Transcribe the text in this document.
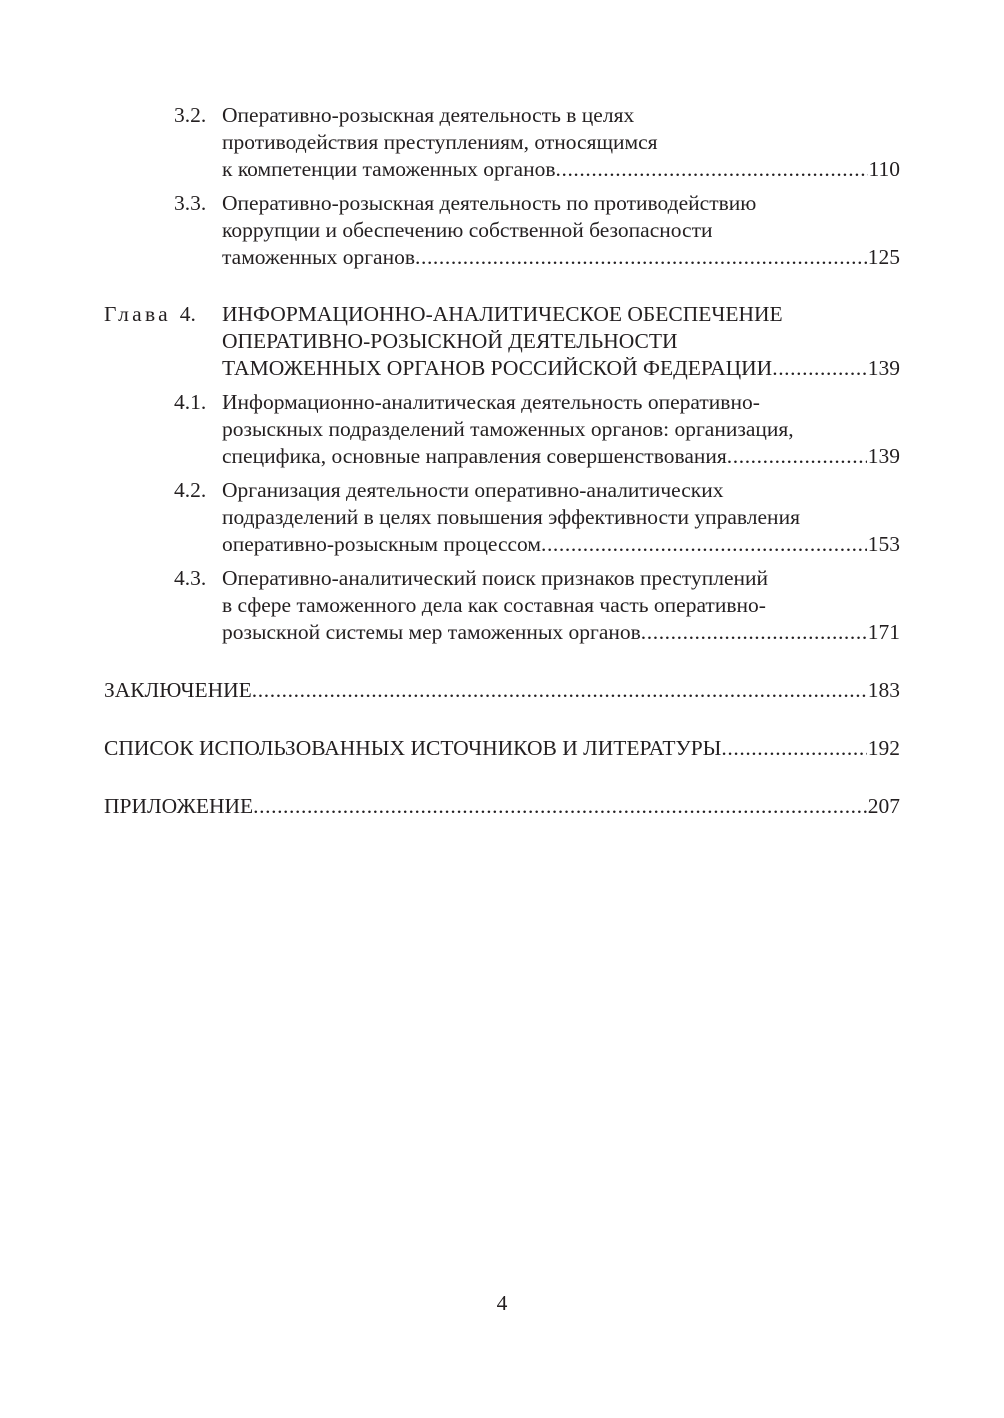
3.2. Оперативно-розыскная деятельность в целях
противодействия преступлениям, относящимся
к компетенции таможенных органов .....	110
3.3. Оперативно-розыскная деятельность по противодействию
коррупции и обеспечению собственной безопасности
таможенных органов .....	125
Глава 4. ИНФОРМАЦИОННО-АНАЛИТИЧЕСКОЕ ОБЕСПЕЧЕНИЕ
ОПЕРАТИВНО-РОЗЫСКНОЙ ДЕЯТЕЛЬНОСТИ
ТАМОЖЕННЫХ ОРГАНОВ РОССИЙСКОЙ ФЕДЕРАЦИИ .....	139
4.1. Информационно-аналитическая деятельность оперативно-
розыскных подразделений таможенных органов: организация,
специфика, основные направления совершенствования .....	139
4.2. Организация деятельности оперативно-аналитических
подразделений в целях повышения эффективности управления
оперативно-розыскным процессом .....	153
4.3. Оперативно-аналитический поиск признаков преступлений
в сфере таможенного дела как составная часть оперативно-
розыскной системы мер таможенных органов .....	171
ЗАКЛЮЧЕНИЕ .....	183
СПИСОК ИСПОЛЬЗОВАННЫХ ИСТОЧНИКОВ И ЛИТЕРАТУРЫ .....	192
ПРИЛОЖЕНИЕ .....	207
4
